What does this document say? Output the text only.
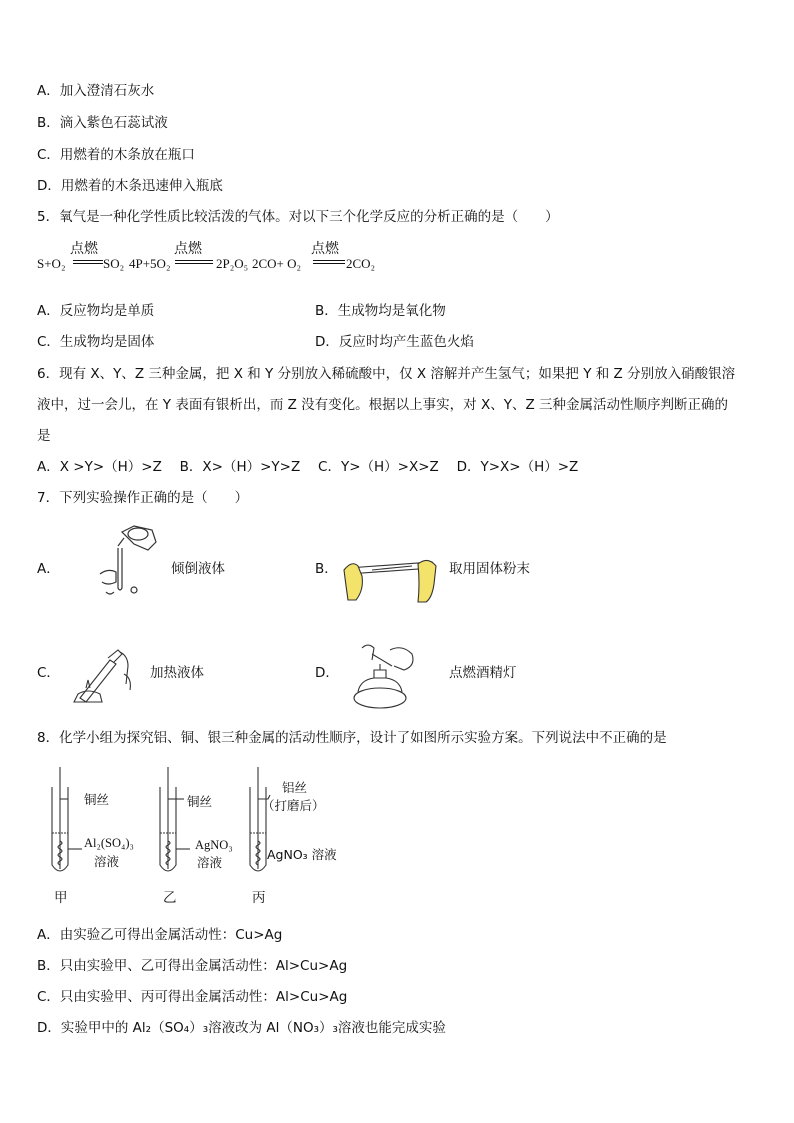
A．加入澄清石灰水
B．滴入紫色石蕊试液
C．用燃着的木条放在瓶口
D．用燃着的木条迅速伸入瓶底
5．氧气是一种化学性质比较活泼的气体。对以下三个化学反应的分析正确的是（　　）
S+O₂
点燃
SO₂ 4P+5O₂
点燃
2P₂O₅ 2CO+ O₂
点燃
2CO₂
A．反应物均是单质	B．生成物均是氧化物
C．生成物均是固体	D．反应时均产生蓝色火焰
6．现有 X、Y、Z 三种金属，把 X 和 Y 分别放入稀硫酸中，仅 X 溶解并产生氢气；如果把 Y 和 Z 分别放入硝酸银溶
液中，过一会儿，在 Y 表面有银析出，而 Z 没有变化。根据以上事实，对 X、Y、Z 三种金属活动性顺序判断正确的
是
A．X >Y>（H）>Z　 B．X>（H）>Y>Z　 C．Y>（H）>X>Z　 D．Y>X>（H）>Z
7．下列实验操作正确的是（　　）
A．	倾倒液体	B．	取用固体粉末
C．	加热液体	D．	点燃酒精灯
8．化学小组为探究铝、铜、银三种金属的活动性顺序，设计了如图所示实验方案。下列说法中不正确的是
铜丝
Al₂(SO₄)₃
溶液
甲
铜丝
AgNO₃
溶液
乙
铝丝
（打磨后）
AgNO₃ 溶液
丙
A．由实验乙可得出金属活动性：Cu>Ag
B．只由实验甲、乙可得出金属活动性：Al>Cu>Ag
C．只由实验甲、丙可得出金属活动性：Al>Cu>Ag
D．实验甲中的 Al₂（SO₄）₃溶液改为 Al（NO₃）₃溶液也能完成实验
